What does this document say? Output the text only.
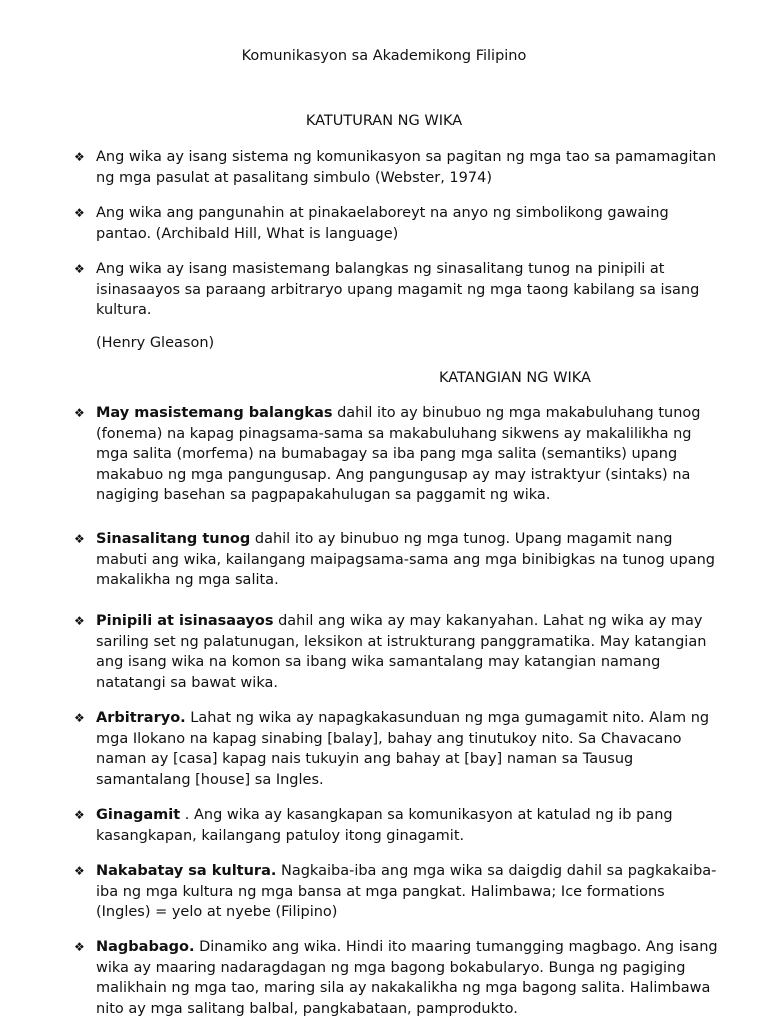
Komunikasyon sa Akademikong Filipino
KATUTURAN NG WIKA
❖ Ang wika ay isang sistema ng komunikasyon sa pagitan ng mga tao sa pamamagitan ng mga pasulat at pasalitang simbulo (Webster, 1974)
❖ Ang wika ang pangunahin at pinakaelaboreyt na anyo ng simbolikong gawaing pantao. (Archibald Hill, What is language)
❖ Ang wika ay isang masistemang balangkas ng sinasalitang tunog na pinipili at isinasaayos sa paraang arbitraryo upang magamit ng mga taong kabilang sa isang kultura.
(Henry Gleason)
KATANGIAN NG WIKA
❖ May masistemang balangkas dahil ito ay binubuo ng mga makabuluhang tunog (fonema) na kapag pinagsama-sama sa makabuluhang sikwens ay makalilikha ng mga salita (morfema) na bumabagay sa iba pang mga salita (semantiks) upang makabuo ng mga pangungusap. Ang pangungusap ay may istraktyur (sintaks) na nagiging basehan sa pagpapakahulugan sa paggamit ng wika.
❖ Sinasalitang tunog dahil ito ay binubuo ng mga tunog. Upang magamit nang mabuti ang wika, kailangang maipagsama-sama ang mga binibigkas na tunog upang makalikha ng mga salita.
❖ Pinipili at isinasaayos dahil ang wika ay may kakanyahan. Lahat ng wika ay may sariling set ng palatunugan, leksikon at istrukturang panggramatika. May katangian ang isang wika na komon sa ibang wika samantalang may katangian namang natatangi sa bawat wika.
❖ Arbitraryo. Lahat ng wika ay napagkakasunduan ng mga gumagamit nito. Alam ng mga Ilokano na kapag sinabing [balay], bahay ang tinutukoy nito. Sa Chavacano naman ay [casa] kapag nais tukuyin ang bahay at [bay] naman sa Tausug samantalang [house] sa Ingles.
❖ Ginagamit . Ang wika ay kasangkapan sa komunikasyon at katulad ng ib pang kasangkapan, kailangang patuloy itong ginagamit.
❖ Nakabatay sa kultura. Nagkaiba-iba ang mga wika sa daigdig dahil sa pagkakaiba-iba ng mga kultura ng mga bansa at mga pangkat. Halimbawa; Ice formations (Ingles) = yelo at nyebe (Filipino)
❖ Nagbabago. Dinamiko ang wika. Hindi ito maaring tumangging magbago. Ang isang wika ay maaring nadaragdagan ng mga bagong bokabularyo. Bunga ng pagiging malikhain ng mga tao, maring sila ay nakakalikha ng mga bagong salita. Halimbawa nito ay mga salitang balbal, pangkabataan, pamprodukto.
